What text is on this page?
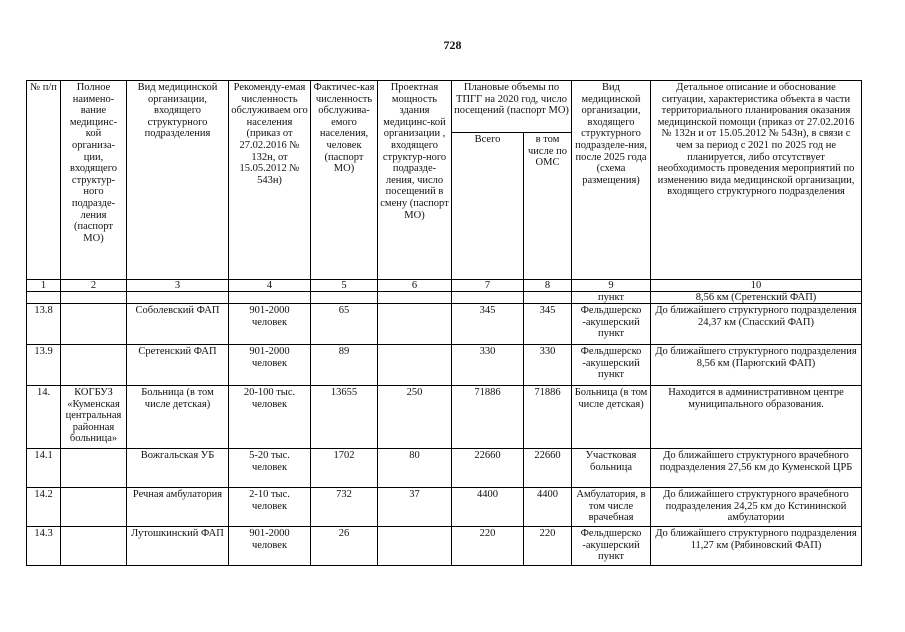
728
№ п/п	Полное наимено-вание медицинс-кой организа-ции, входящего структур-ного подразде-ления (паспорт МО)	Вид медицинской организации, входящего структурного подразделения	Рекоменду-емая численность обслуживаем ого населения (приказ от 27.02.2016 № 132н, от 15.05.2012 № 543н)	Фактичес-кая численность обслужива-емого населения, человек (паспорт МО)	Проектная мощность здания медицинс-кой организации , входящего структур-ного подразде-ления, число посещений в смену (паспорт МО)	Плановые объемы по ТПГГ на 2020 год, число посещений (паспорт МО)		Вид медицинской организации, входящего структурного подразделе-ния, после 2025 года (схема размещения)	Детальное описание и обоснование ситуации, характеристика объекта в части территориального планирования оказания медицинской помощи (приказ от 27.02.2016 № 132н и от 15.05.2012 № 543н), в связи с чем за период с 2021 по 2025 год не планируется, либо отсутствует необходимость проведения мероприятий по изменению вида медицинской организации, входящего структурного подразделения
						Всего	в том числе по ОМС		
1	2	3	4	5	6	7	8	9	10
								пункт	8,56 км (Сретенский ФАП)
13.8		Соболевский ФАП	901-2000 человек	65		345	345	Фельдшерско -акушерский пункт	До ближайшего структурного подразделения 24,37 км (Спасский ФАП)
13.9		Сретенский ФАП	901-2000 человек	89		330	330	Фельдшерско -акушерский пункт	До ближайшего структурного подразделения 8,56 км (Парюгский ФАП)
14.	КОГБУЗ «Куменская центральная районная больница»	Больница (в том числе детская)	20-100 тыс. человек	13655	250	71886	71886	Больница (в том числе детская)	Находится в административном центре муниципального образования.
14.1		Вожгальская УБ	5-20 тыс. человек	1702	80	22660	22660	Участковая больница	До ближайшего структурного врачебного подразделения 27,56 км до Куменской ЦРБ
14.2		Речная амбулатория	2-10 тыс. человек	732	37	4400	4400	Амбулатория, в том числе врачебная	До ближайшего структурного врачебного подразделения 24,25 км до Кстининской амбулатории
14.3		Лутошкинский ФАП	901-2000 человек	26		220	220	Фельдшерско -акушерский пункт	До ближайшего структурного подразделения 11,27 км (Рябиновский ФАП)
